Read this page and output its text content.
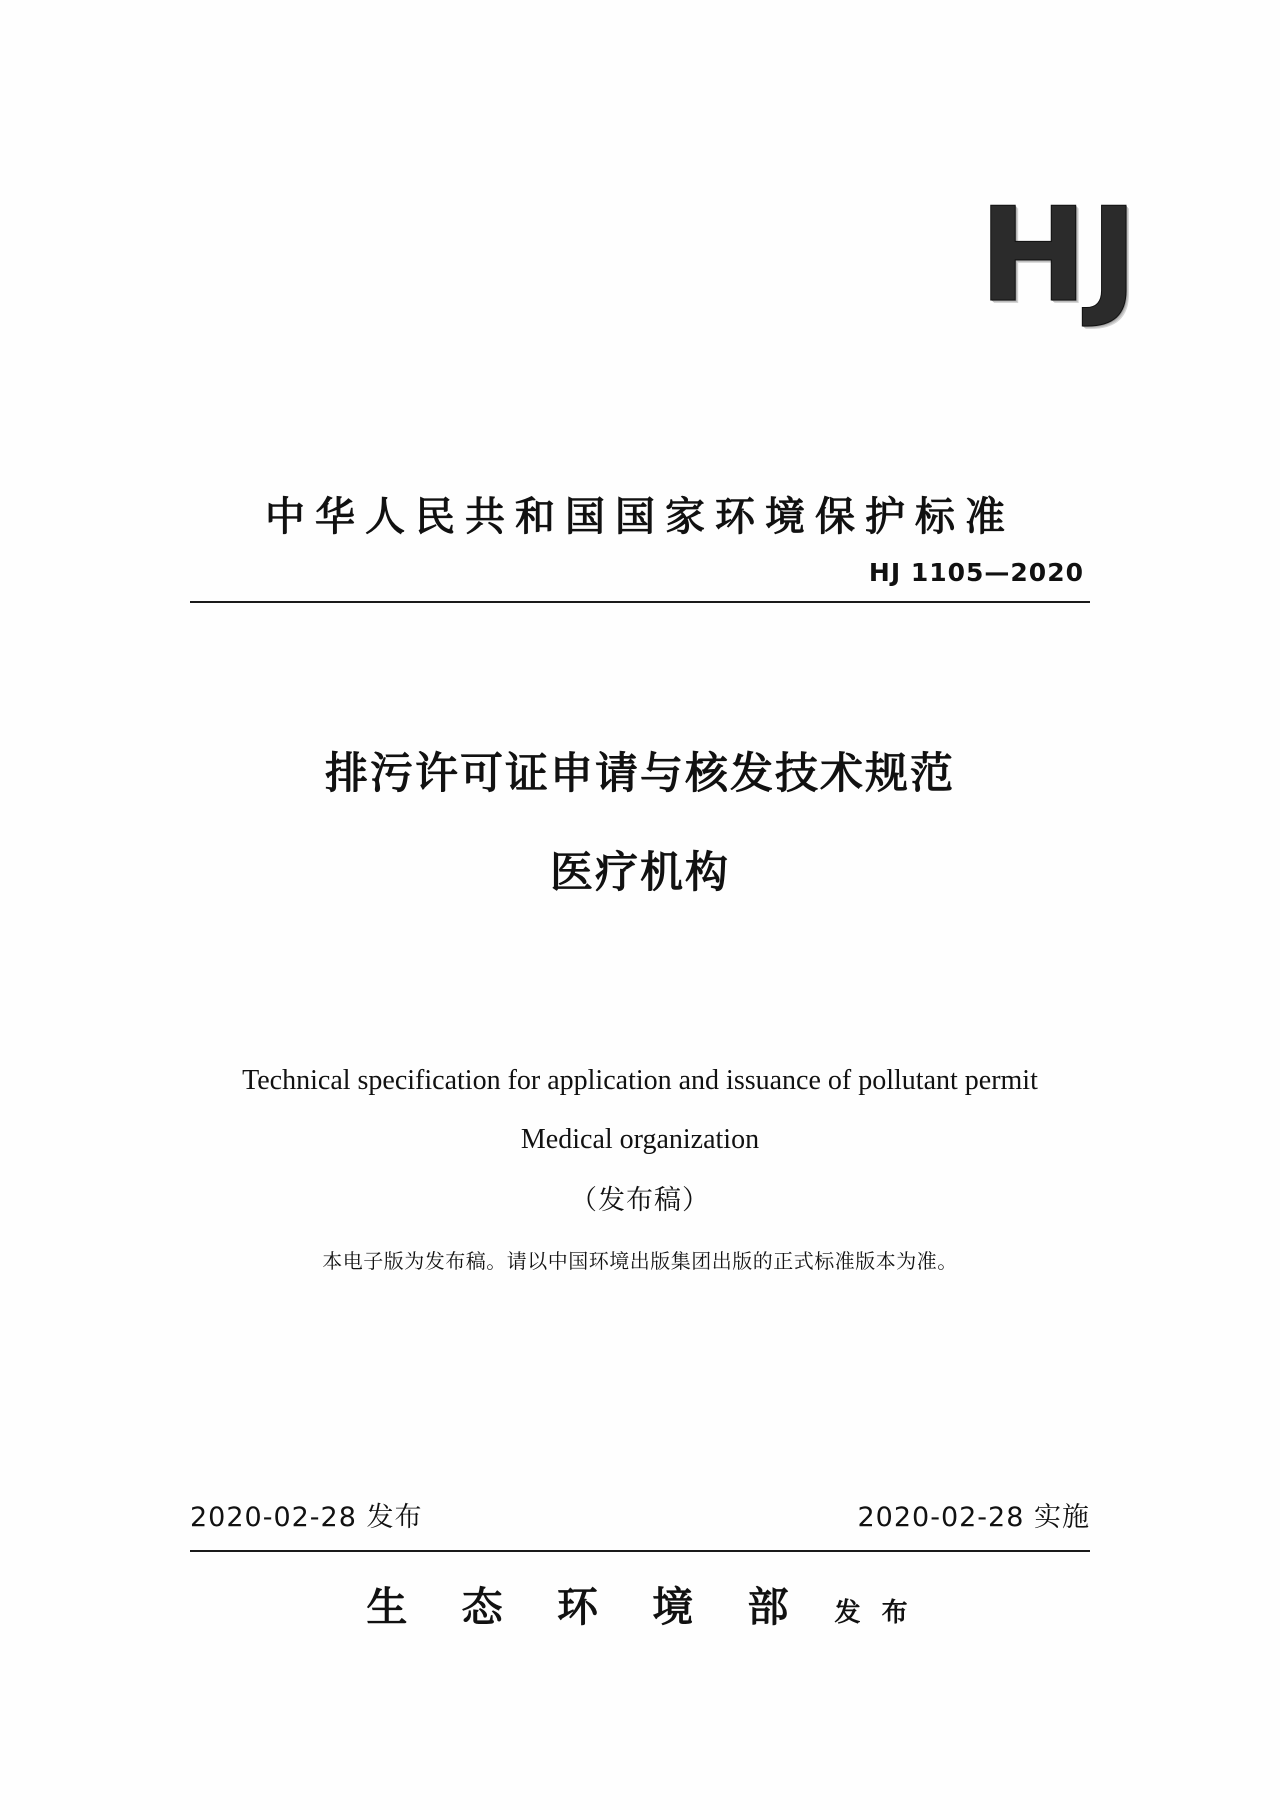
HJ
中华人民共和国国家环境保护标准
HJ 1105—2020
排污许可证申请与核发技术规范
医疗机构
Technical specification for application and issuance of pollutant permit
Medical organization
（发布稿）
本电子版为发布稿。请以中国环境出版集团出版的正式标准版本为准。
2020-02-28 发布	2020-02-28 实施
生 态 环 境 部 发 布
